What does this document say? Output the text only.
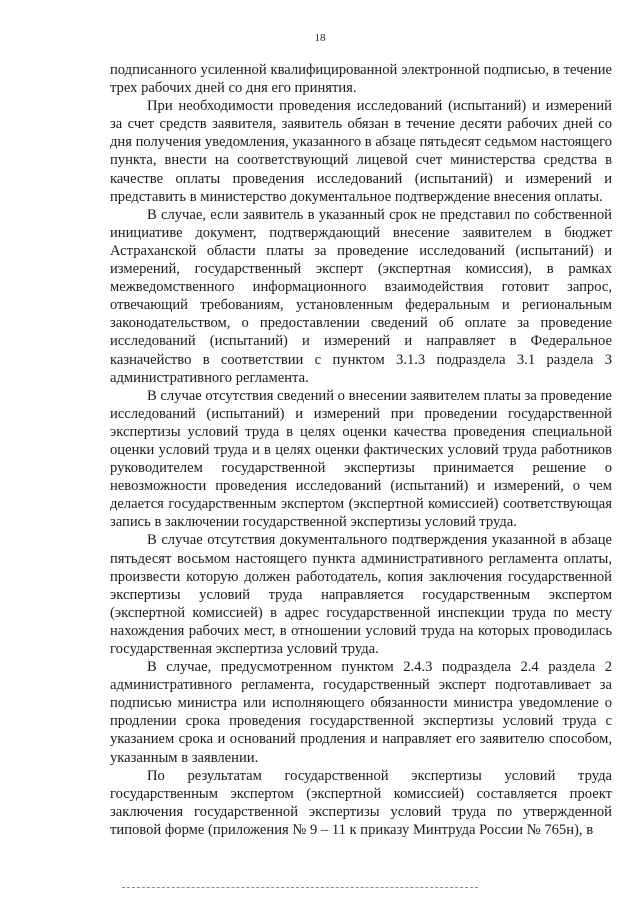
18

подписанного усиленной квалифицированной электронной подписью, в течение трех рабочих дней со дня его принятия.

При необходимости проведения исследований (испытаний) и измерений за счет средств заявителя, заявитель обязан в течение десяти рабочих дней со дня получения уведомления, указанного в абзаце пятьдесят седьмом настоящего пункта, внести на соответствующий лицевой счет министерства средства в качестве оплаты проведения исследований (испытаний) и измерений и представить в министерство документальное подтверждение внесения оплаты.

В случае, если заявитель в указанный срок не представил по собственной инициативе документ, подтверждающий внесение заявителем в бюджет Астраханской области платы за проведение исследований (испытаний) и измерений, государственный эксперт (экспертная комиссия), в рамках межведомственного информационного взаимодействия готовит запрос, отвечающий требованиям, установленным федеральным и региональным законодательством, о предоставлении сведений об оплате за проведение исследований (испытаний) и измерений и направляет в Федеральное казначейство в соответствии с пунктом 3.1.3 подраздела 3.1 раздела 3 административного регламента.

В случае отсутствия сведений о внесении заявителем платы за проведение исследований (испытаний) и измерений при проведении государственной экспертизы условий труда в целях оценки качества проведения специальной оценки условий труда и в целях оценки фактических условий труда работников руководителем государственной экспертизы принимается решение о невозможности проведения исследований (испытаний) и измерений, о чем делается государственным экспертом (экспертной комиссией) соответствующая запись в заключении государственной экспертизы условий труда.

В случае отсутствия документального подтверждения указанной в абзаце пятьдесят восьмом настоящего пункта административного регламента оплаты, произвести которую должен работодатель, копия заключения государственной экспертизы условий труда направляется государственным экспертом (экспертной комиссией) в адрес государственной инспекции труда по месту нахождения рабочих мест, в отношении условий труда на которых проводилась государственная экспертиза условий труда.

В случае, предусмотренном пунктом 2.4.3 подраздела 2.4 раздела 2 административного регламента, государственный эксперт подготавливает за подписью министра или исполняющего обязанности министра уведомление о продлении срока проведения государственной экспертизы условий труда с указанием срока и оснований продления и направляет его заявителю способом, указанным в заявлении.

По результатам государственной экспертизы условий труда государственным экспертом (экспертной комиссией) составляется проект заключения государственной экспертизы условий труда по утвержденной типовой форме (приложения № 9 – 11 к приказу Минтруда России № 765н), в
